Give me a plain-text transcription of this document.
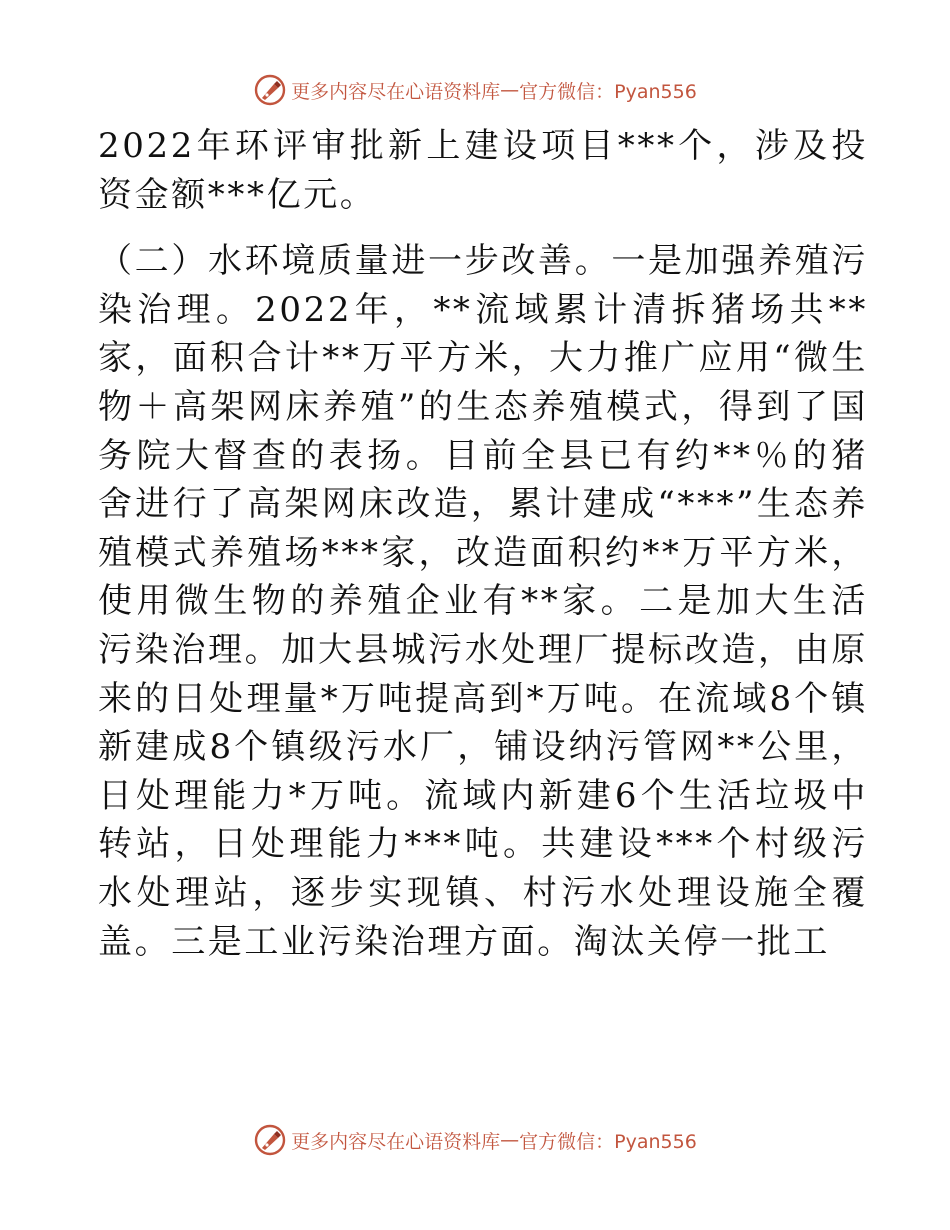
更多内容尽在心语资料库 — 官方微信：Pyan556

2022年环评审批新上建设项目***个，涉及投资金额***亿元。

（二）水环境质量进一步改善。一是加强养殖污染治理。2022年，**流域累计清拆猪场共**家，面积合计**万平方米，大力推广应用“微生物＋高架网床养殖”的生态养殖模式，得到了国务院大督查的表扬。目前全县已有约**％的猪舍进行了高架网床改造，累计建成“***”生态养殖模式养殖场***家，改造面积约**万平方米，使用微生物的养殖企业有**家。二是加大生活污染治理。加大县城污水处理厂提标改造，由原来的日处理量*万吨提高到*万吨。在流域8个镇新建成8个镇级污水厂，铺设纳污管网**公里，日处理能力*万吨。流域内新建6个生活垃圾中转站，日处理能力***吨。共建设***个村级污水处理站，逐步实现镇、村污水处理设施全覆盖。三是工业污染治理方面。淘汰关停一批工

更多内容尽在心语资料库 — 官方微信：Pyan556
